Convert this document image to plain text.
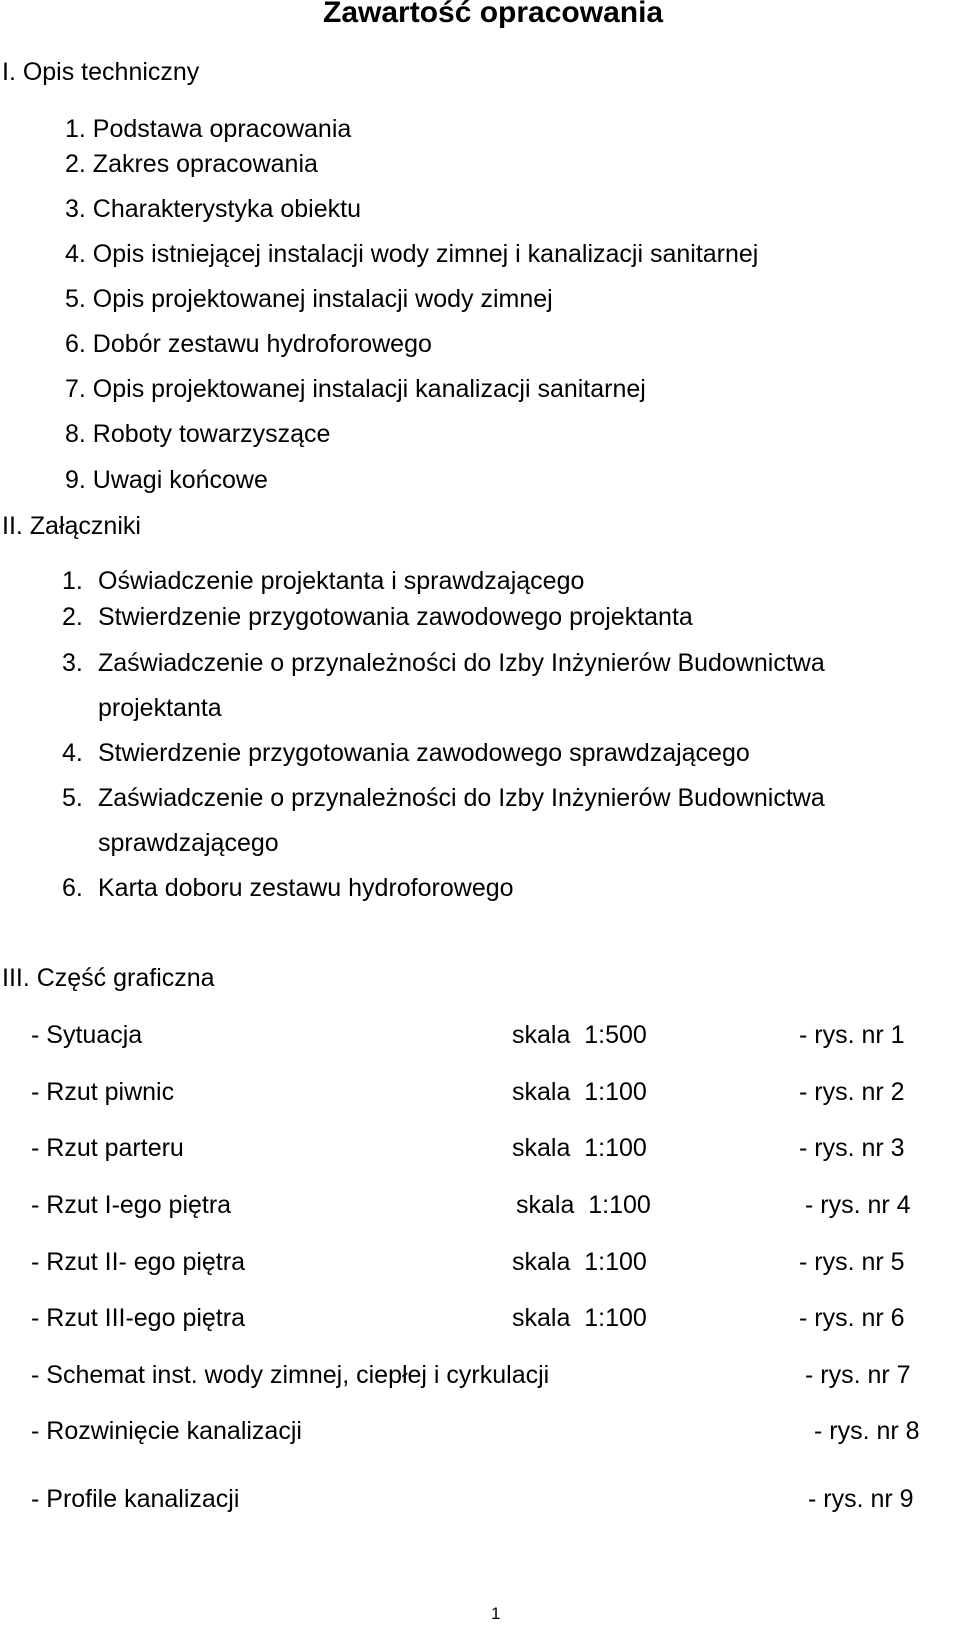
Zawartość opracowania
I. Opis techniczny
1. Podstawa opracowania
2. Zakres opracowania
3. Charakterystyka obiektu
4. Opis istniejącej instalacji wody zimnej i kanalizacji sanitarnej
5. Opis projektowanej instalacji wody zimnej
6. Dobór zestawu hydroforowego
7. Opis projektowanej instalacji kanalizacji sanitarnej
8. Roboty towarzyszące
9. Uwagi końcowe
II. Załączniki
1. Oświadczenie projektanta i sprawdzającego
2. Stwierdzenie przygotowania zawodowego projektanta
3. Zaświadczenie o przynależności do Izby Inżynierów Budownictwa
projektanta
4. Stwierdzenie przygotowania zawodowego sprawdzającego
5. Zaświadczenie o przynależności do Izby Inżynierów Budownictwa
sprawdzającego
6. Karta doboru zestawu hydroforowego
III. Część graficzna
- Sytuacja	skala  1:500	- rys. nr 1
- Rzut piwnic	skala  1:100	- rys. nr 2
- Rzut parteru	skala  1:100	- rys. nr 3
- Rzut I-ego piętra	skala  1:100	- rys. nr 4
- Rzut II- ego piętra	skala  1:100	- rys. nr 5
- Rzut III-ego piętra	skala  1:100	- rys. nr 6
- Schemat inst. wody zimnej, ciepłej i cyrkulacji	- rys. nr 7
- Rozwinięcie kanalizacji	- rys. nr 8
- Profile kanalizacji	- rys. nr 9
1
